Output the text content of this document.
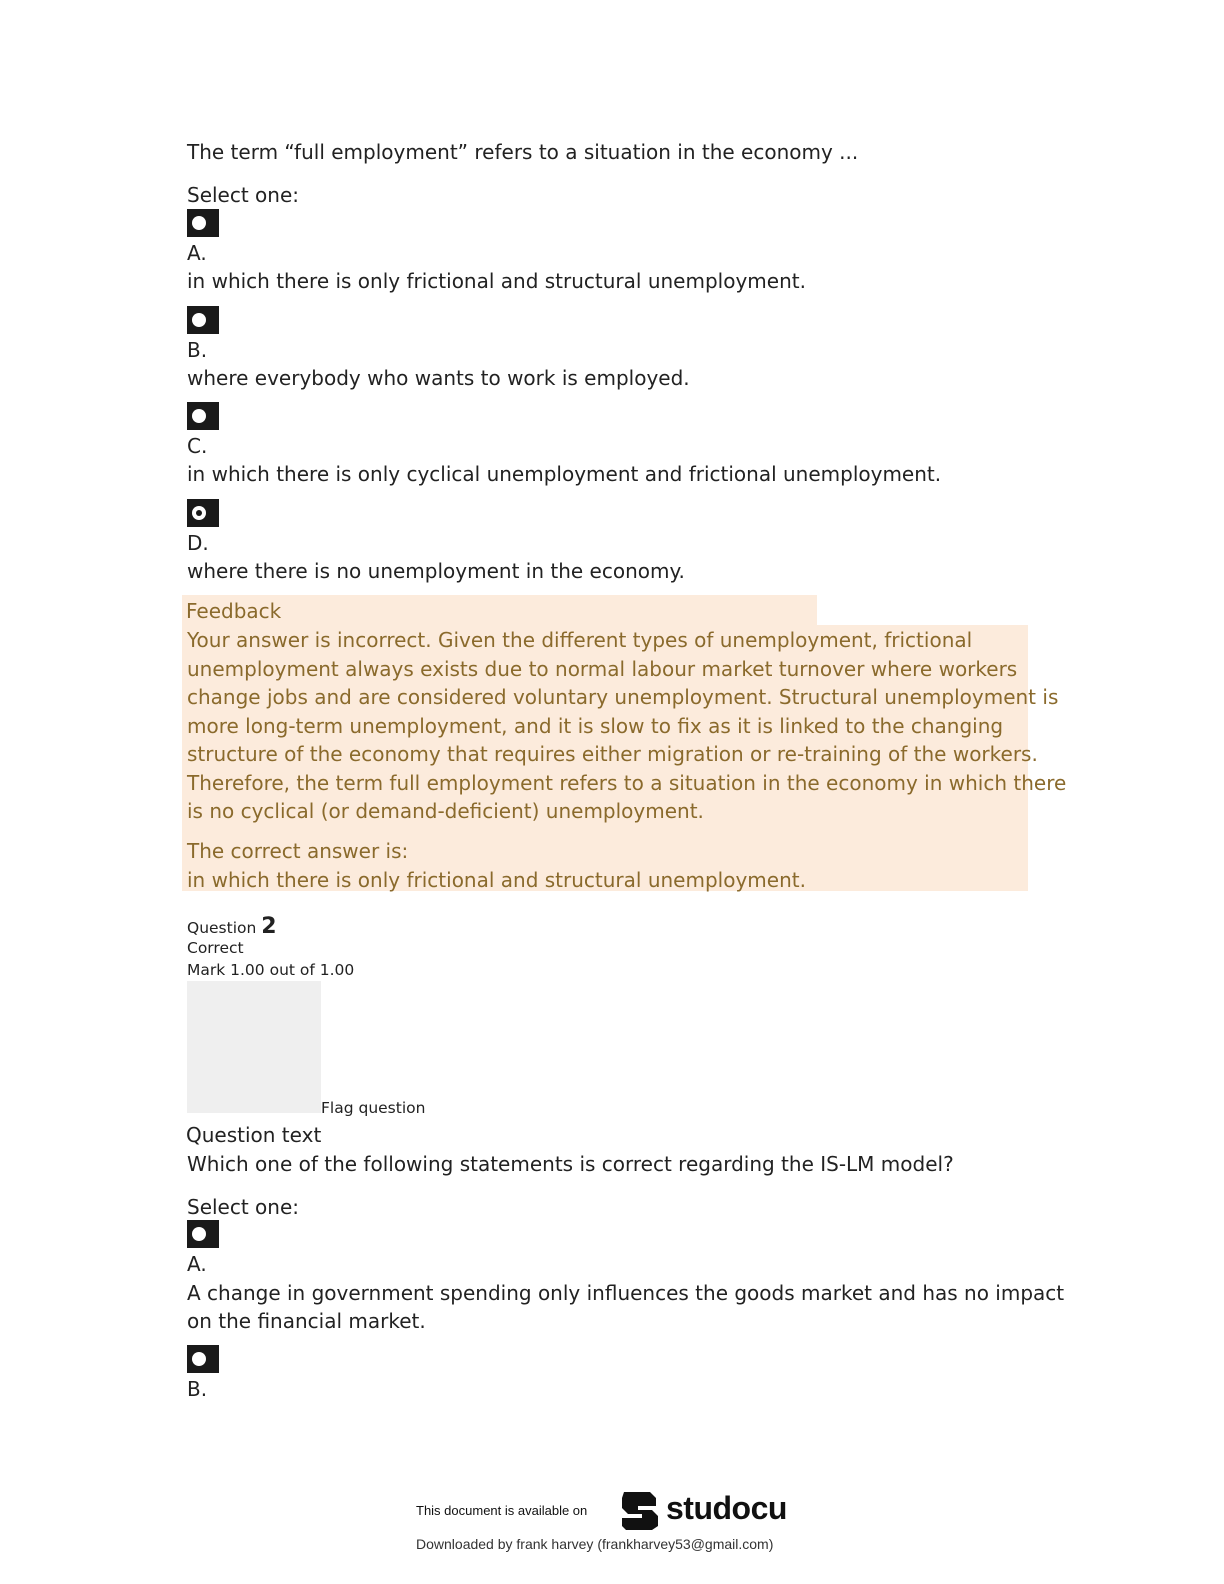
The term “full employment” refers to a situation in the economy ...
Select one:
A.
in which there is only frictional and structural unemployment.
B.
where everybody who wants to work is employed.
C.
in which there is only cyclical unemployment and frictional unemployment.
D.
where there is no unemployment in the economy.
Feedback
Your answer is incorrect. Given the different types of unemployment, frictional
unemployment always exists due to normal labour market turnover where workers
change jobs and are considered voluntary unemployment. Structural unemployment is
more long-term unemployment, and it is slow to fix as it is linked to the changing
structure of the economy that requires either migration or re-training of the workers.
Therefore, the term full employment refers to a situation in the economy in which there
is no cyclical (or demand-deficient) unemployment.
The correct answer is:
in which there is only frictional and structural unemployment.
Question 2
Correct
Mark 1.00 out of 1.00
Flag question
Question text
Which one of the following statements is correct regarding the IS-LM model?
Select one:
A.
A change in government spending only influences the goods market and has no impact
on the financial market.
B.
This document is available on studocu
Downloaded by frank harvey (frankharvey53@gmail.com)
